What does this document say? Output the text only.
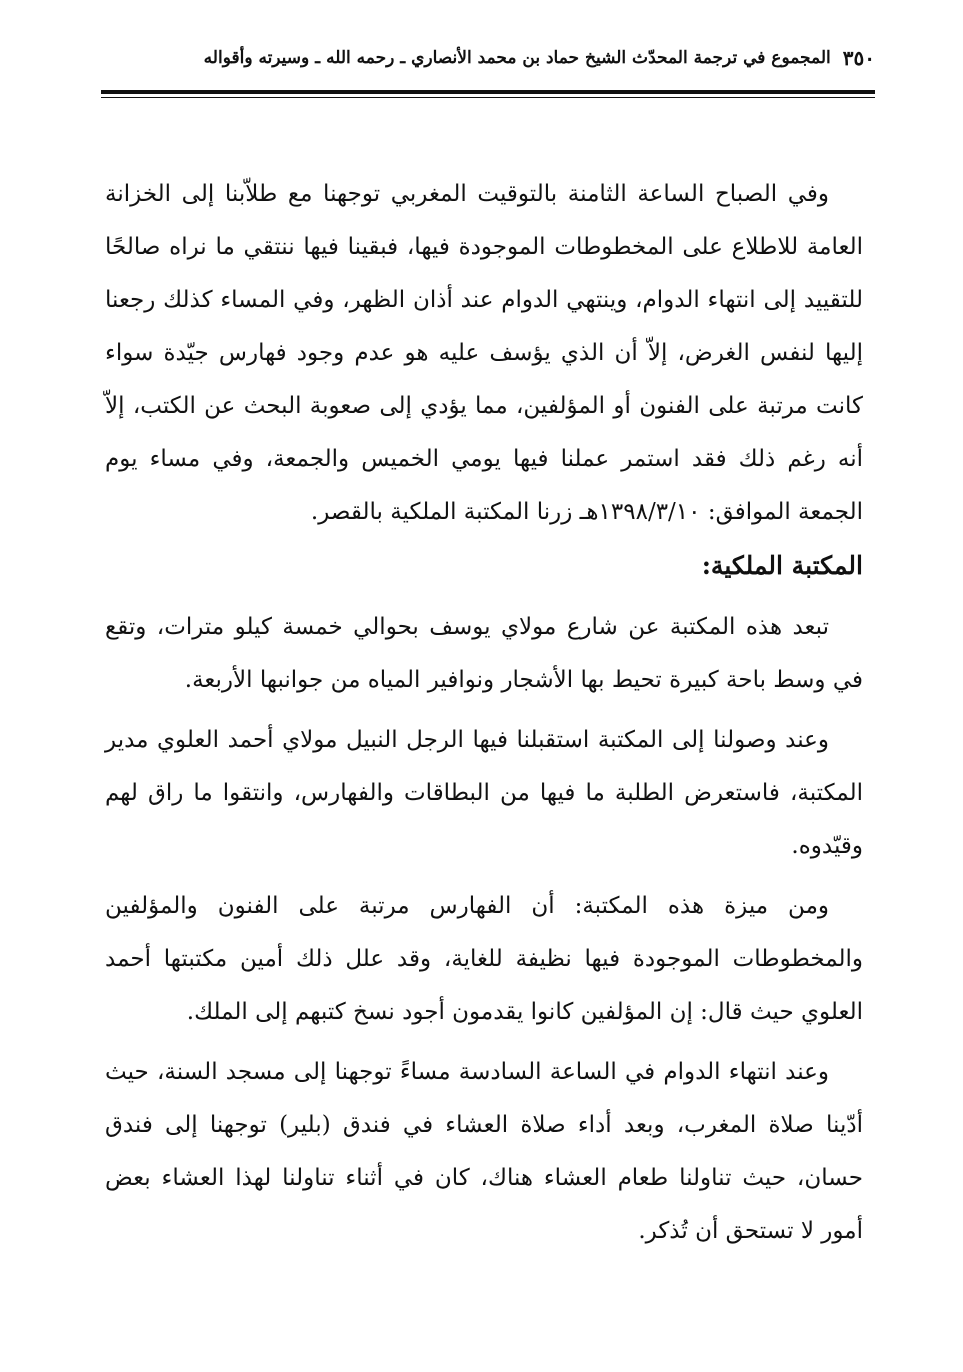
٣٥٠
المجموع في ترجمة المحدّث الشيخ حماد بن محمد الأنصاري ـ رحمه الله ـ وسيرته وأقواله

وفي الصباح الساعة الثامنة بالتوقيت المغربي توجهنا مع طلاّبنا إلى الخزانة العامة للاطلاع على المخطوطات الموجودة فيها، فبقينا فيها ننتقي ما نراه صالحًا للتقييد إلى انتهاء الدوام، وينتهي الدوام عند أذان الظهر، وفي المساء كذلك رجعنا إليها لنفس الغرض، إلاّ أن الذي يؤسف عليه هو عدم وجود فهارس جيّدة سواء كانت مرتبة على الفنون أو المؤلفين، مما يؤدي إلى صعوبة البحث عن الكتب، إلاّ أنه رغم ذلك فقد استمر عملنا فيها يومي الخميس والجمعة، وفي مساء يوم الجمعة الموافق: ١٣٩٨/٣/١٠هـ زرنا المكتبة الملكية بالقصر.

المكتبة الملكية:

تبعد هذه المكتبة عن شارع مولاي يوسف بحوالي خمسة كيلو مترات، وتقع في وسط باحة كبيرة تحيط بها الأشجار ونوافير المياه من جوانبها الأربعة.

وعند وصولنا إلى المكتبة استقبلنا فيها الرجل النبيل مولاي أحمد العلوي مدير المكتبة، فاستعرض الطلبة ما فيها من البطاقات والفهارس، وانتقوا ما راق لهم وقيّدوه.

ومن ميزة هذه المكتبة: أن الفهارس مرتبة على الفنون والمؤلفين والمخطوطات الموجودة فيها نظيفة للغاية، وقد علل ذلك أمين مكتبتها أحمد العلوي حيث قال: إن المؤلفين كانوا يقدمون أجود نسخ كتبهم إلى الملك.

وعند انتهاء الدوام في الساعة السادسة مساءً توجهنا إلى مسجد السنة، حيث أدّينا صلاة المغرب، وبعد أداء صلاة العشاء في فندق (بلير) توجهنا إلى فندق حسان، حيث تناولنا طعام العشاء هناك، كان في أثناء تناولنا لهذا العشاء بعض أمور لا تستحق أن تُذكر.
